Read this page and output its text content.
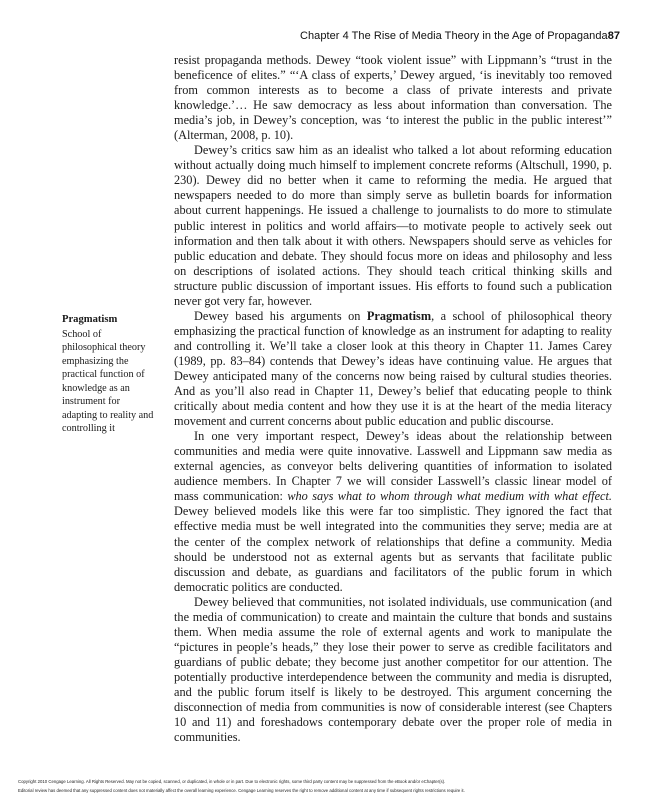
Chapter 4 The Rise of Media Theory in the Age of Propaganda 87
Pragmatism
School of philosophical theory emphasizing the practical function of knowledge as an instrument for adapting to reality and controlling it

resist propaganda methods. Dewey “took violent issue” with Lippmann’s “trust in the beneficence of elites.” “‘A class of experts,’ Dewey argued, ‘is inevitably too removed from common interests as to become a class of private interests and private knowledge.’… He saw democracy as less about information than conversation. The media’s job, in Dewey’s conception, was ‘to interest the public in the public interest’” (Alterman, 2008, p. 10).

Dewey’s critics saw him as an idealist who talked a lot about reforming education without actually doing much himself to implement concrete reforms (Altschull, 1990, p. 230). Dewey did no better when it came to reforming the media. He argued that newspapers needed to do more than simply serve as bulletin boards for information about current happenings. He issued a challenge to journalists to do more to stimulate public interest in politics and world affairs—to motivate people to actively seek out information and then talk about it with others. Newspapers should serve as vehicles for public education and debate. They should focus more on ideas and philosophy and less on descriptions of isolated actions. They should teach critical thinking skills and structure public discussion of important issues. His efforts to found such a publication never got very far, however.

Dewey based his arguments on Pragmatism, a school of philosophical theory emphasizing the practical function of knowledge as an instrument for adapting to reality and controlling it. We’ll take a closer look at this theory in Chapter 11. James Carey (1989, pp. 83–84) contends that Dewey’s ideas have continuing value. He argues that Dewey anticipated many of the concerns now being raised by cultural studies theories. And as you’ll also read in Chapter 11, Dewey’s belief that educating people to think critically about media content and how they use it is at the heart of the media literacy movement and current concerns about public education and public discourse.

In one very important respect, Dewey’s ideas about the relationship between communities and media were quite innovative. Lasswell and Lippmann saw media as external agencies, as conveyor belts delivering quantities of information to isolated audience members. In Chapter 7 we will consider Lasswell’s classic linear model of mass communication: who says what to whom through what medium with what effect. Dewey believed models like this were far too simplistic. They ignored the fact that effective media must be well integrated into the communities they serve; media are at the center of the complex network of relationships that define a community. Media should be understood not as external agents but as servants that facilitate public discussion and debate, as guardians and facilitators of the public forum in which democratic politics are conducted.

Dewey believed that communities, not isolated individuals, use communication (and the media of communication) to create and maintain the culture that bonds and sustains them. When media assume the role of external agents and work to manipulate the “pictures in people’s heads,” they lose their power to serve as credible facilitators and guardians of public debate; they become just another competitor for our attention. The potentially productive interdependence between the community and media is disrupted, and the public forum itself is likely to be destroyed. This argument concerning the disconnection of media from communities is now of considerable interest (see Chapters 10 and 11) and foreshadows contemporary debate over the proper role of media in communities.

Copyright 2010 Cengage Learning. All Rights Reserved. May not be copied, scanned, or duplicated, in whole or in part. Due to electronic rights, some third party content may be suppressed from the eBook and/or eChapter(s).
Editorial review has deemed that any suppressed content does not materially affect the overall learning experience. Cengage Learning reserves the right to remove additional content at any time if subsequent rights restrictions require it.
